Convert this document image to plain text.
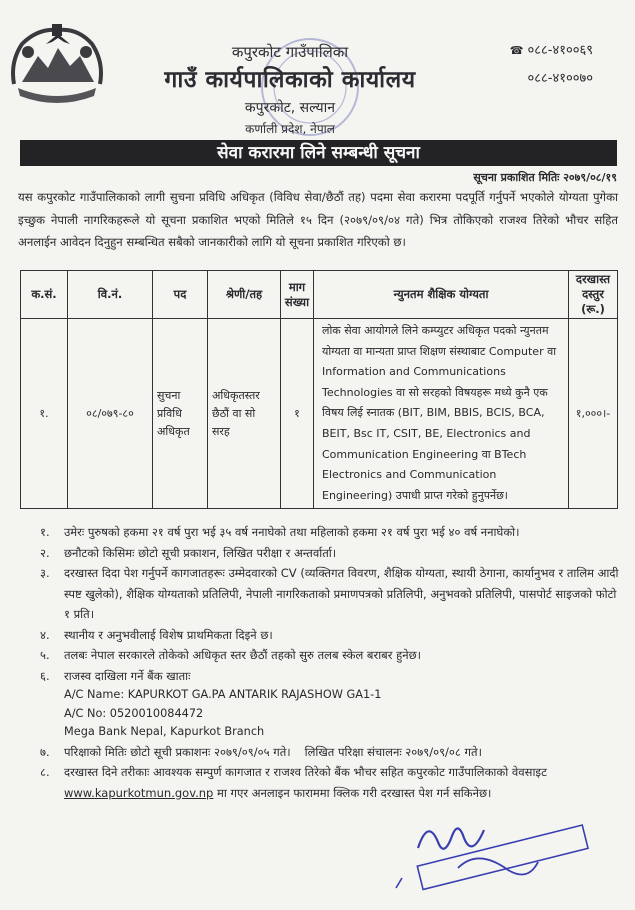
कपुरकोट गाउँपालिका
गाउँ कार्यपालिकाको कार्यालय
कपुरकोट, सल्यान
कर्णाली प्रदेश, नेपाल
☎ ०८८-४१००६९
०८८-४१००७०
सेवा करारमा लिने सम्बन्धी सूचना
सूचना प्रकाशित मितिः २०७९/०८/१९
यस कपुरकोट गाउँपालिकाको लागी सुचना प्रविधि अधिकृत (विविध सेवा/छैठौं तह) पदमा सेवा करारमा पदपूर्ति गर्नुपर्ने भएकोले योग्यता पुगेका इच्छुक नेपाली नागरिकहरूले यो सूचना प्रकाशित भएको मितिले १५ दिन (२०७९/०९/०४ गते) भित्र तोकिएको राजश्व तिरेको भौचर सहित अनलाईन आवेदन दिनुहुन सम्बन्धित सबैको जानकारीको लागि यो सूचना प्रकाशित गरिएको छ।
क.सं.	वि.नं.	पद	श्रेणी/तह	माग संख्या	न्युनतम शैक्षिक योग्यता	दरखास्त दस्तुर (रू.)
१.	०८/०७९-८०	सुचना प्रविधि अधिकृत	अधिकृतस्तर छैठौं वा सो सरह	१	लोक सेवा आयोगले लिने कम्प्युटर अधिकृत पदको न्युनतम योग्यता वा मान्यता प्राप्त शिक्षण संस्थाबाट Computer वा Information and Communications Technologies वा सो सरहको विषयहरू मध्ये कुनै एक विषय लिई स्नातक (BIT, BIM, BBIS, BCIS, BCA, BEIT, Bsc IT, CSIT, BE, Electronics and Communication Engineering वा BTech Electronics and Communication Engineering) उपाधी प्राप्त गरेको हुनुपर्नेछ।	१,०००।-
१. उमेरः पुरुषको हकमा २१ वर्ष पुरा भई ३५ वर्ष ननाघेको तथा महिलाको हकमा २१ वर्ष पुरा भई ४० वर्ष ननाघेको।
२. छनौटको किसिमः छोटो सूची प्रकाशन, लिखित परीक्षा र अन्तर्वार्ता।
३. दरखास्त दिदा पेश गर्नुपर्ने कागजातहरूः उम्मेदवारको CV (व्यक्तिगत विवरण, शैक्षिक योग्यता, स्थायी ठेगाना, कार्यानुभव र तालिम आदी स्पष्ट खुलेको), शैक्षिक योग्यताको प्रतिलिपी, नेपाली नागरिकताको प्रमाणपत्रको प्रतिलिपी, अनुभवको प्रतिलिपी, पासपोर्ट साइजको फोटो १ प्रति।
४. स्थानीय र अनुभवीलाई विशेष प्राथमिकता दिइने छ।
५. तलबः नेपाल सरकारले तोकेको अधिकृत स्तर छैठौं तहको सुरु तलब स्केल बराबर हुनेछ।
६. राजस्व दाखिला गर्ने बैंक खाताः
A/C Name: KAPURKOT GA.PA ANTARIK RAJASHOW GA1-1
A/C No: 0520010084472
Mega Bank Nepal, Kapurkot Branch
७. परिक्षाको मितिः छोटो सूची प्रकाशनः २०७९/०९/०५ गते। लिखित परिक्षा संचालनः २०७९/०९/०८ गते।
८. दरखास्त दिने तरीकाः आवश्यक सम्पुर्ण कागजात र राजश्व तिरेको बैंक भौचर सहित कपुरकोट गाउँपालिकाको वेवसाइट www.kapurkotmun.gov.np मा गएर अनलाइन फाराममा क्लिक गरी दरखास्त पेश गर्न सकिनेछ।
